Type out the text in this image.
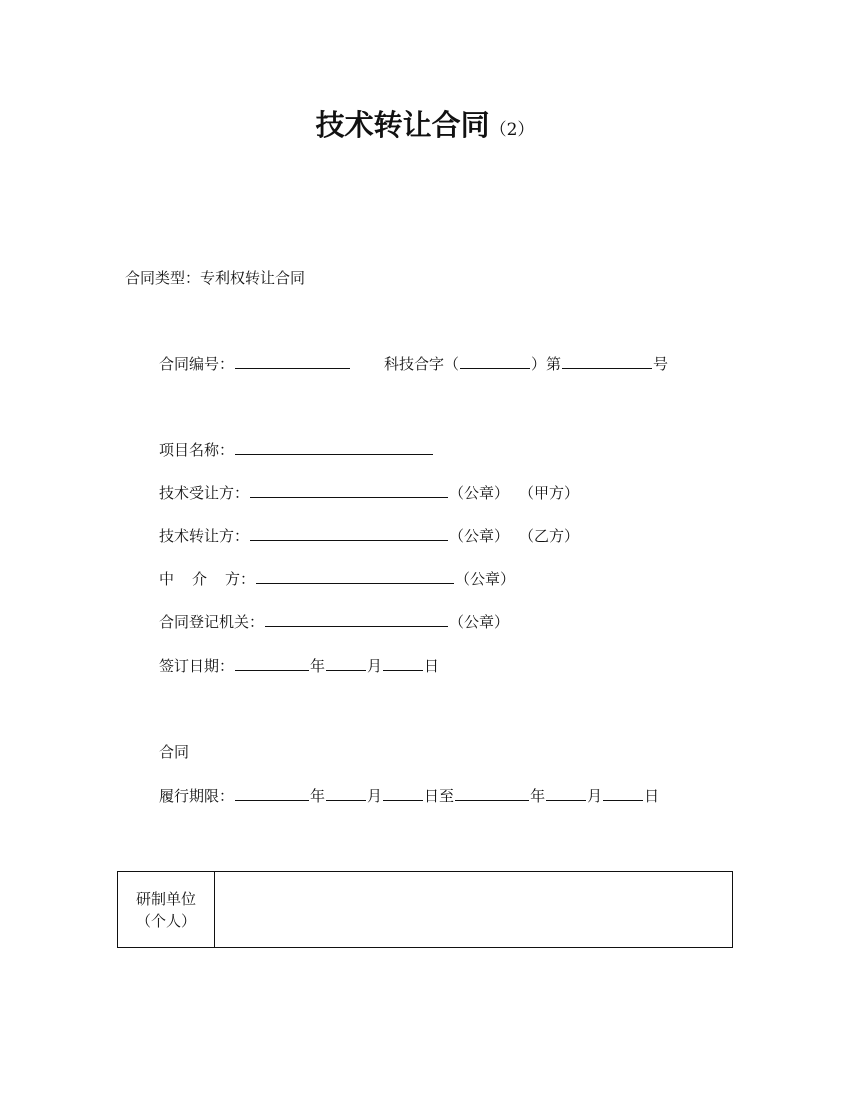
技术转让合同（2）
合同类型：专利权转让合同
合同编号：	科技合字（	）第	号
项目名称：
技术受让方：	（公章） （甲方）
技术转让方：	（公章） （乙方）
中 介 方：	（公章）
合同登记机关：	（公章）
签订日期：	年	月	日
合同
履行期限：	年	月	日至	年	月	日
研制单位
（个人）
